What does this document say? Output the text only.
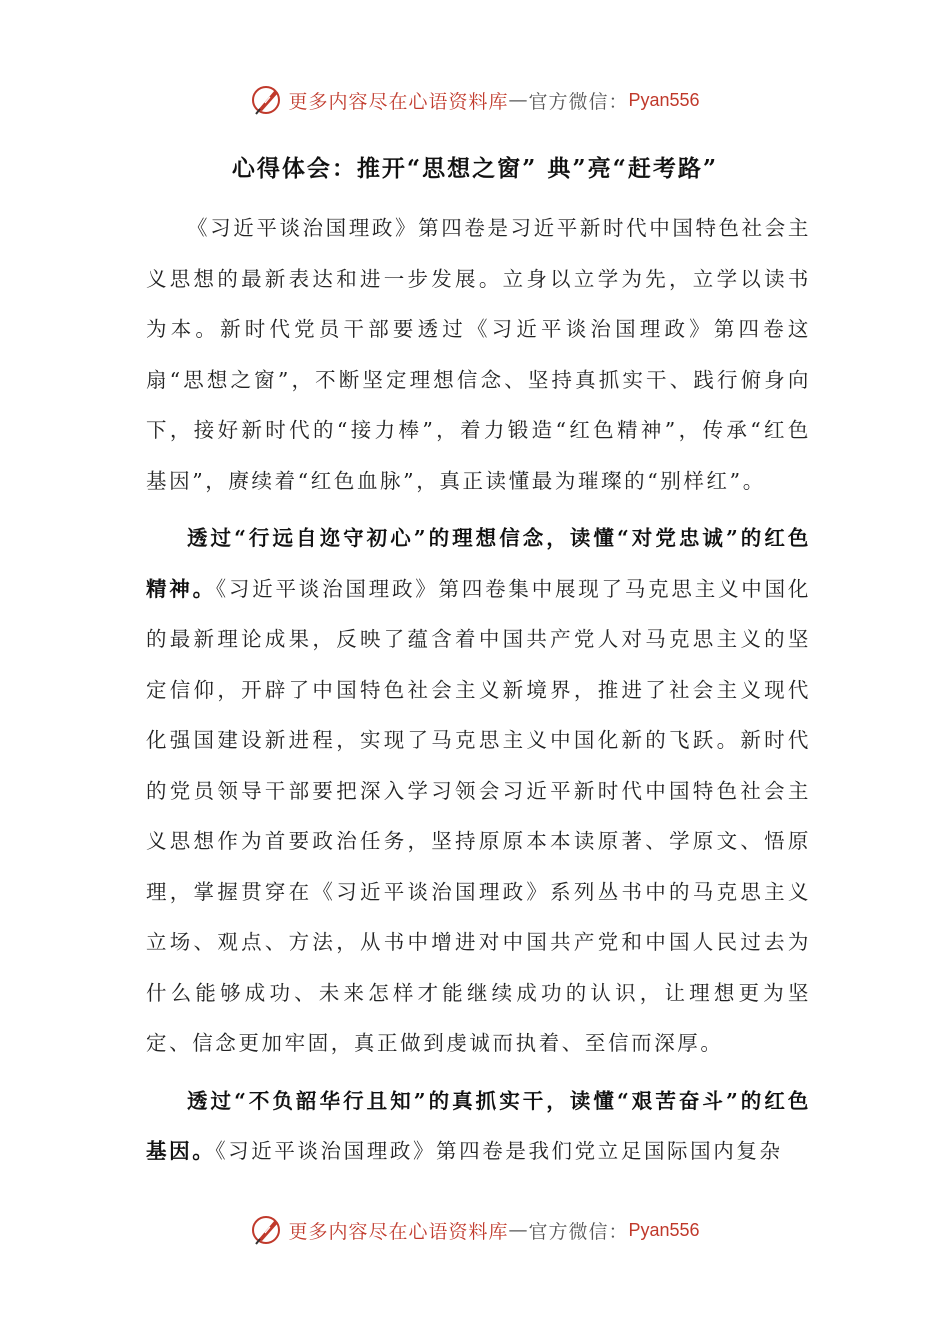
更多内容尽在心语资料库 — 官方微信： Pyan556
心得体会：推开“思想之窗” 典”亮“赶考路”

《习近平谈治国理政》第四卷是习近平新时代中国特色社会主义思想的最新表达和进一步发展。立身以立学为先，立学以读书为本。新时代党员干部要透过《习近平谈治国理政》第四卷这扇“思想之窗”，不断坚定理想信念、坚持真抓实干、践行俯身向下，接好新时代的“接力棒”，着力锻造“红色精神”，传承“红色基因”，赓续着“红色血脉”，真正读懂最为璀璨的“别样红”。

透过“行远自迩守初心”的理想信念，读懂“对党忠诚”的红色精神。《习近平谈治国理政》第四卷集中展现了马克思主义中国化的最新理论成果，反映了蕴含着中国共产党人对马克思主义的坚定信仰，开辟了中国特色社会主义新境界，推进了社会主义现代化强国建设新进程，实现了马克思主义中国化新的飞跃。新时代的党员领导干部要把深入学习领会习近平新时代中国特色社会主义思想作为首要政治任务，坚持原原本本读原著、学原文、悟原理，掌握贯穿在《习近平谈治国理政》系列丛书中的马克思主义立场、观点、方法，从书中增进对中国共产党和中国人民过去为什么能够成功、未来怎样才能继续成功的认识，让理想更为坚定、信念更加牢固，真正做到虔诚而执着、至信而深厚。

透过“不负韶华行且知”的真抓实干，读懂“艰苦奋斗”的红色基因。《习近平谈治国理政》第四卷是我们党立足国际国内复杂

更多内容尽在心语资料库 — 官方微信： Pyan556
